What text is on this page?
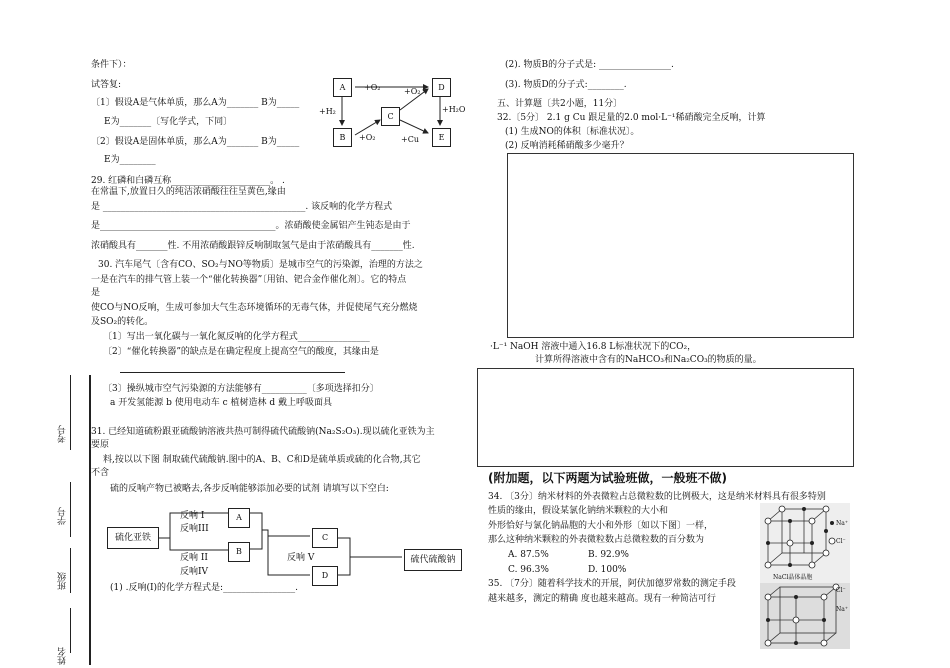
条件下）：
试答复:
〔1〕假设A是气体单质，那么A为_______ B为_____
E为_______〔写化学式，下同〕
〔2〕假设A是固体单质，那么A为_______ B为_____
E为________
A
B
C
D
E
+O₂	+O₂
+O₂
+H₂	+H₂O
+Cu
29. 红磷和白磷互称______________________。 .
在常温下,放置日久的纯洁浓硝酸往往呈黄色,缘由
是 _____________________________________________. 该反响的化学方程式
是_______________________________________。浓硝酸使金属铝产生钝态是由于
浓硝酸具有_______性. 不用浓硝酸跟锌反响制取氢气是由于浓硝酸具有_______性.
30. 汽车尾气〔含有CO、SO₂与NO等物质〕是城市空气的污染源，治理的方法之
一是在汽车的排气管上装一个“催化转换器”〔用铂、钯合金作催化剂〕。它的特点
是
使CO与NO反响，生成可参加大气生态环境循环的无毒气体，并促使尾气充分燃烧
及SO₂的转化。
〔1〕写出一氧化碳与一氧化氮反响的化学方程式________________
〔2〕“催化转换器”的缺点是在确定程度上提高空气的酸度，其缘由是
〔3〕操纵城市空气污染源的方法能够有__________〔多项选择扣分〕
a 开发氢能源 b 使用电动车 c 植树造林 d 戴上呼吸面具
31. 已经知道硫粉跟亚硫酸钠溶液共热可制得硫代硫酸钠(Na₂S₂O₃).现以硫化亚铁为主
要原
料,按以以下图 制取硫代硫酸钠.图中的A、B、C和D是硫单质或硫的化合物,其它
不含
硫的反响产物已被略去,各步反响能够添加必要的试剂 请填写以下空白:
硫化亚铁
A
B
C
D
硫代硫酸钠
反响 I
反响III
反响 II
反响IV
反响 V
(1) .反响(I)的化学方程式是:________________.
考号
学号
班级
姓名
(2). 物质B的分子式是: ________________.
(3). 物质D的分子式:________.
五、计算题〔共2小题，11分〕
32.〔5分〕 2.1 g Cu 跟足量的2.0 mol·L⁻¹稀硝酸完全反响，计算
(1) 生成NO的体积〔标准状况〕。
(2) 反响消耗稀硝酸多少毫升？
·L⁻¹ NaOH 溶液中通入16.8 L标准状况下的CO₂，
计算所得溶液中含有的NaHCO₃和Na₂CO₃的物质的量。
(附加题，以下两题为试验班做，一般班不做)
34. 〔3分〕纳米材料的外表微粒占总微粒数的比例极大，这是纳米材料具有很多特别
性质的缘由，假设某氯化钠纳米颗粒的大小和
外形恰好与氯化钠晶胞的大小和外形〔如以下图〕一样，
那么这种纳米颗粒的外表微粒数占总微粒数的百分数为
A. 87.5%	B. 92.9%
C. 96.3%	D. 100%
35. 〔7分〕随着科学技术的开展，阿伏加德罗常数的测定手段
越来越多，测定的精确 度也越来越高。现有一种简洁可行
Na⁺
Cl⁻
NaCl晶体晶胞
Cl⁻
Na⁺
